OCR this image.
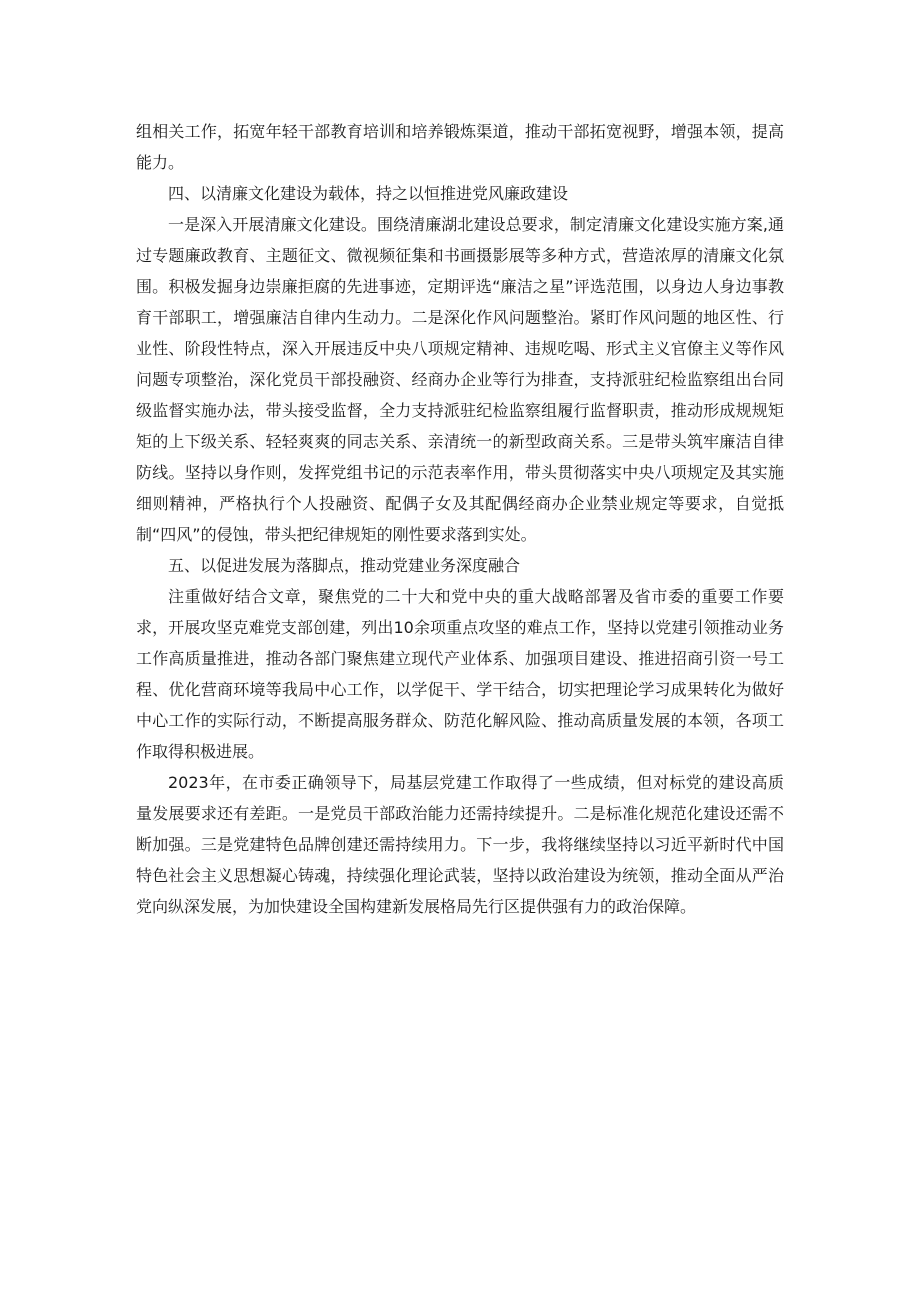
组相关工作，拓宽年轻干部教育培训和培养锻炼渠道，推动干部拓宽视野，增强本领，提高能力。

四、以清廉文化建设为载体，持之以恒推进党风廉政建设

一是深入开展清廉文化建设。围绕清廉湖北建设总要求，制定清廉文化建设实施方案,通过专题廉政教育、主题征文、微视频征集和书画摄影展等多种方式，营造浓厚的清廉文化氛围。积极发掘身边崇廉拒腐的先进事迹，定期评选“廉洁之星”评选范围，以身边人身边事教育干部职工，增强廉洁自律内生动力。二是深化作风问题整治。紧盯作风问题的地区性、行业性、阶段性特点，深入开展违反中央八项规定精神、违规吃喝、形式主义官僚主义等作风问题专项整治，深化党员干部投融资、经商办企业等行为排查，支持派驻纪检监察组出台同级监督实施办法，带头接受监督，全力支持派驻纪检监察组履行监督职责，推动形成规规矩矩的上下级关系、轻轻爽爽的同志关系、亲清统一的新型政商关系。三是带头筑牢廉洁自律防线。坚持以身作则，发挥党组书记的示范表率作用，带头贯彻落实中央八项规定及其实施细则精神，严格执行个人投融资、配偶子女及其配偶经商办企业禁业规定等要求，自觉抵制“四风”的侵蚀，带头把纪律规矩的刚性要求落到实处。

五、以促进发展为落脚点，推动党建业务深度融合

注重做好结合文章，聚焦党的二十大和党中央的重大战略部署及省市委的重要工作要求，开展攻坚克难党支部创建，列出10余项重点攻坚的难点工作，坚持以党建引领推动业务工作高质量推进，推动各部门聚焦建立现代产业体系、加强项目建设、推进招商引资一号工程、优化营商环境等我局中心工作，以学促干、学干结合，切实把理论学习成果转化为做好中心工作的实际行动，不断提高服务群众、防范化解风险、推动高质量发展的本领，各项工作取得积极进展。

2023年，在市委正确领导下，局基层党建工作取得了一些成绩，但对标党的建设高质量发展要求还有差距。一是党员干部政治能力还需持续提升。二是标准化规范化建设还需不断加强。三是党建特色品牌创建还需持续用力。下一步，我将继续坚持以习近平新时代中国特色社会主义思想凝心铸魂，持续强化理论武装，坚持以政治建设为统领，推动全面从严治党向纵深发展，为加快建设全国构建新发展格局先行区提供强有力的政治保障。
